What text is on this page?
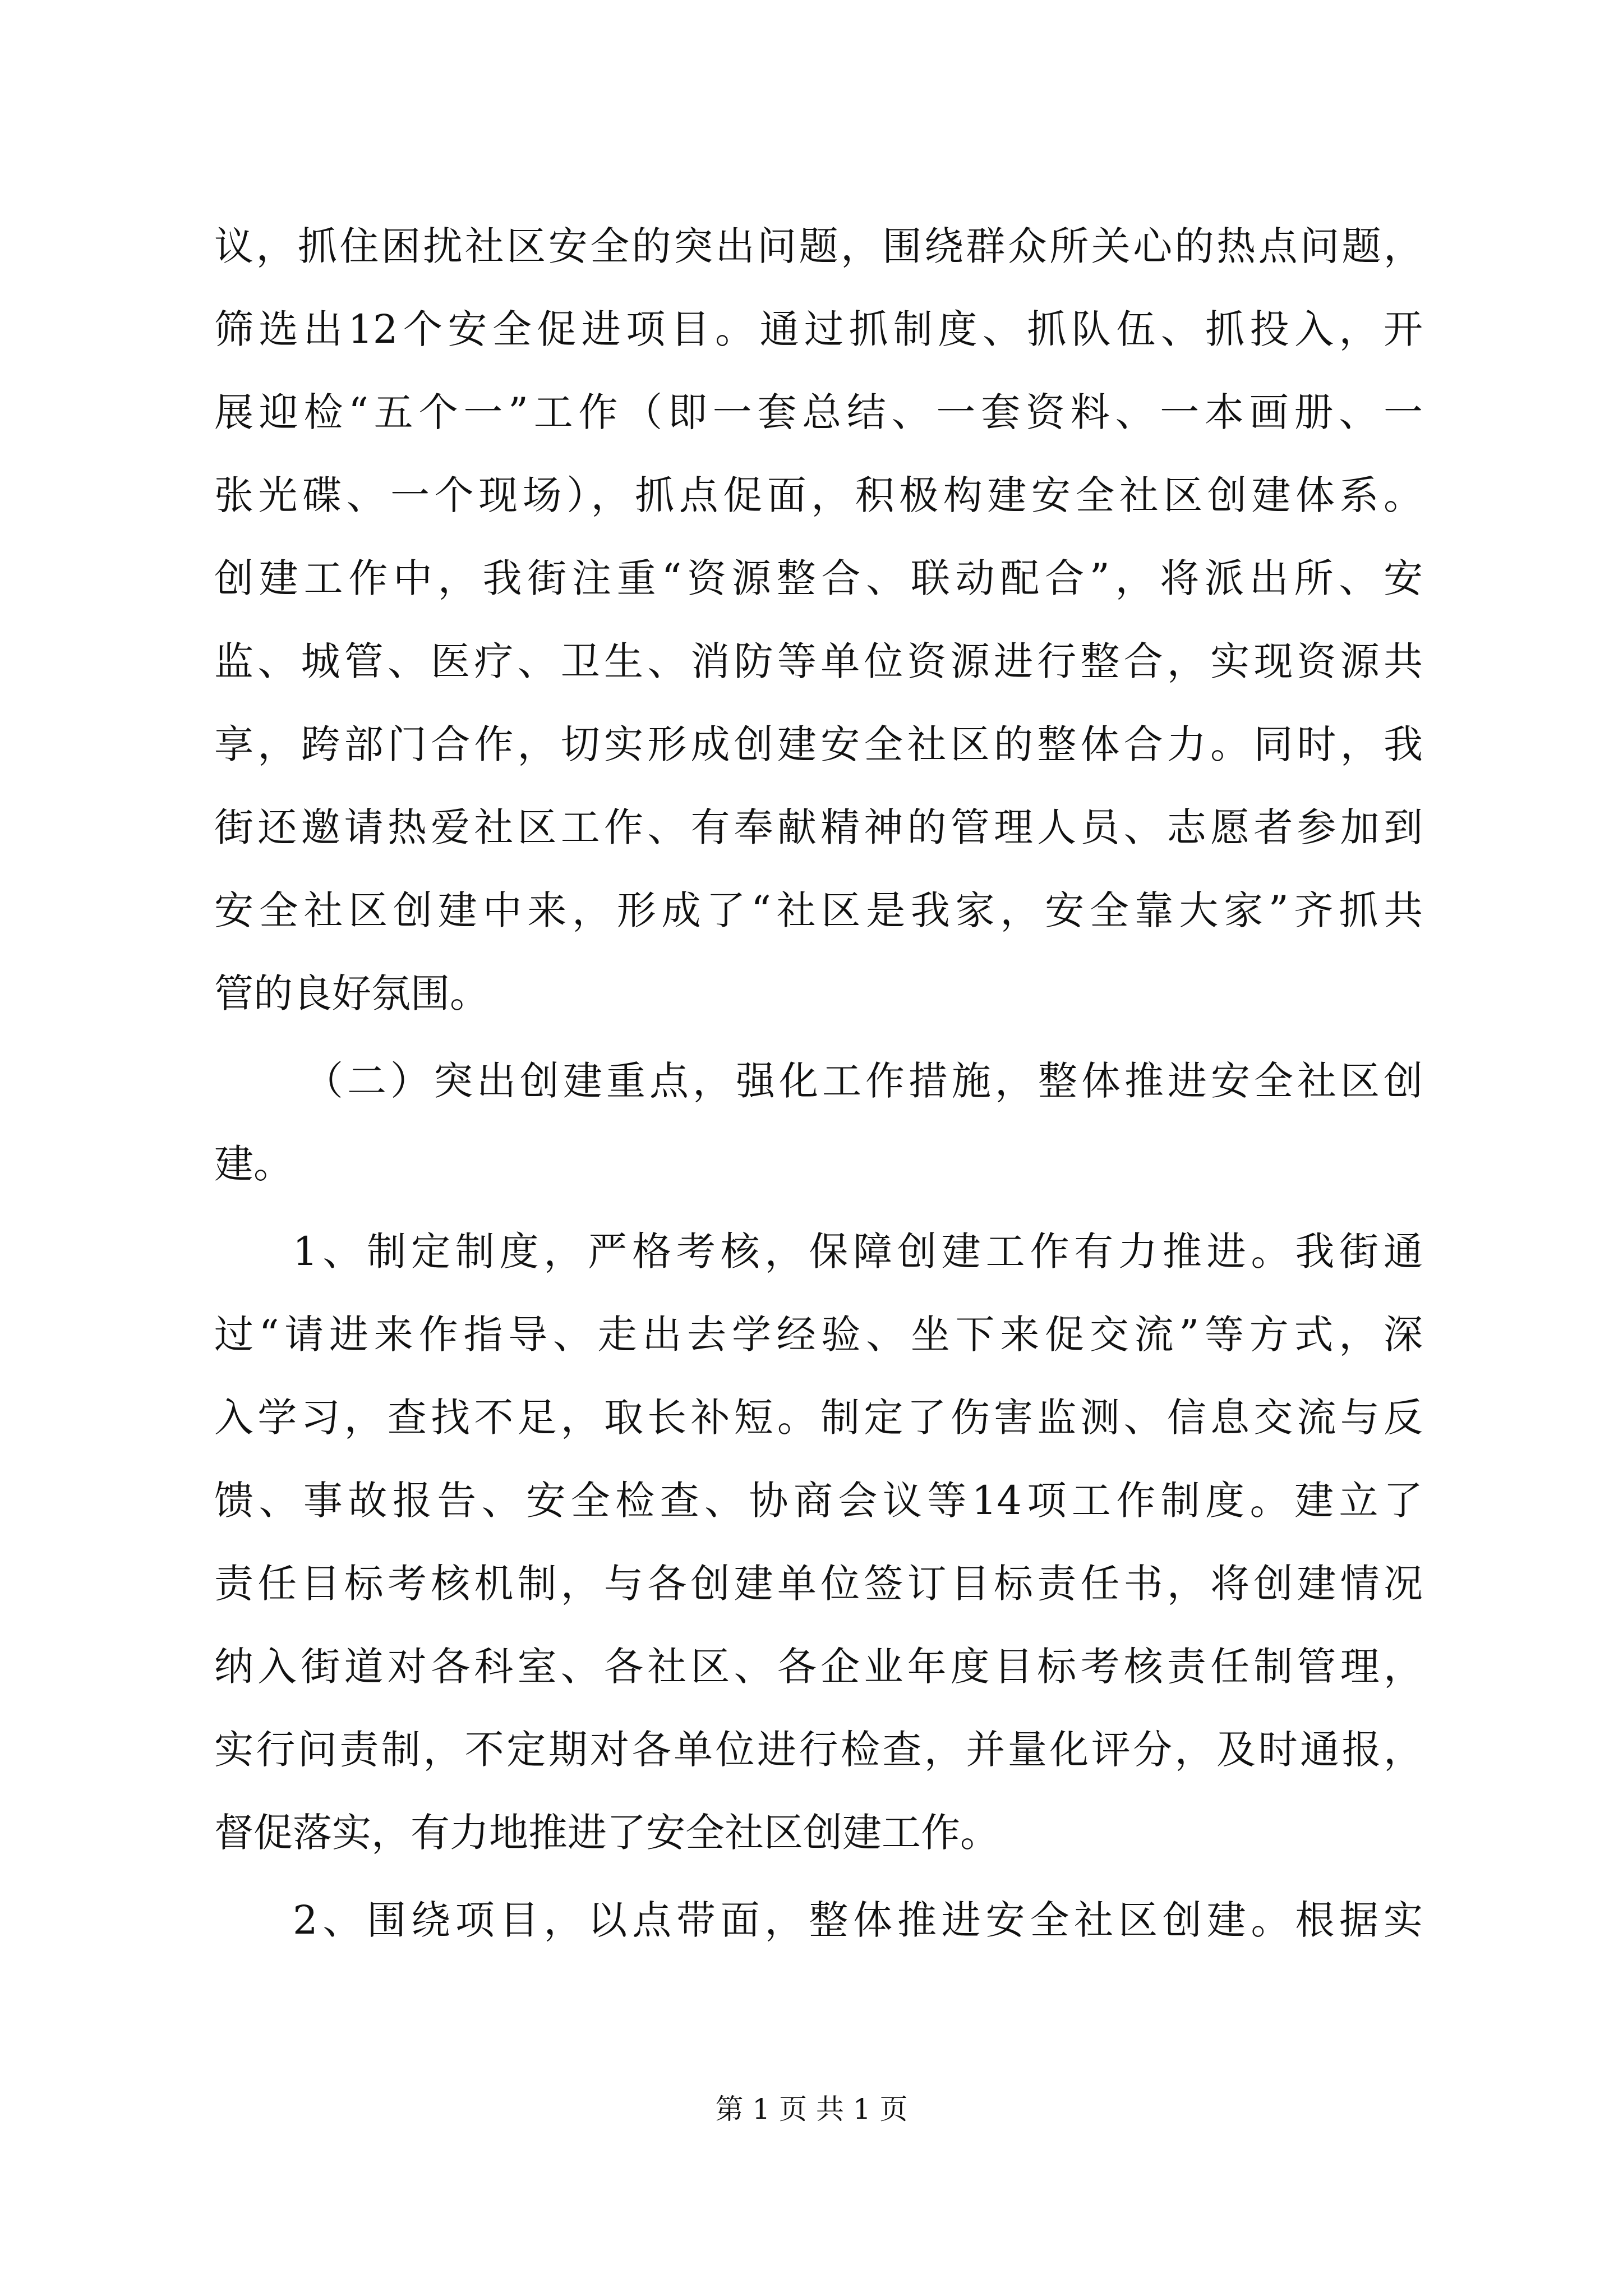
议，抓住困扰社区安全的突出问题，围绕群众所关心的热点问题，
筛选出12个安全促进项目。通过抓制度、抓队伍、抓投入，开
展迎检“五个一”工作（即一套总结、一套资料、一本画册、一
张光碟、一个现场），抓点促面，积极构建安全社区创建体系。
创建工作中，我街注重“资源整合、联动配合”，将派出所、安
监、城管、医疗、卫生、消防等单位资源进行整合，实现资源共
享，跨部门合作，切实形成创建安全社区的整体合力。同时，我
街还邀请热爱社区工作、有奉献精神的管理人员、志愿者参加到
安全社区创建中来，形成了“社区是我家，安全靠大家”齐抓共
管的良好氛围。
（二）突出创建重点，强化工作措施，整体推进安全社区创
建。
1、制定制度，严格考核，保障创建工作有力推进。我街通
过“请进来作指导、走出去学经验、坐下来促交流”等方式，深
入学习，查找不足，取长补短。制定了伤害监测、信息交流与反
馈、事故报告、安全检查、协商会议等14项工作制度。建立了
责任目标考核机制，与各创建单位签订目标责任书，将创建情况
纳入街道对各科室、各社区、各企业年度目标考核责任制管理，
实行问责制，不定期对各单位进行检查，并量化评分，及时通报，
督促落实，有力地推进了安全社区创建工作。
2、围绕项目，以点带面，整体推进安全社区创建。根据实
第 1 页 共 1 页
